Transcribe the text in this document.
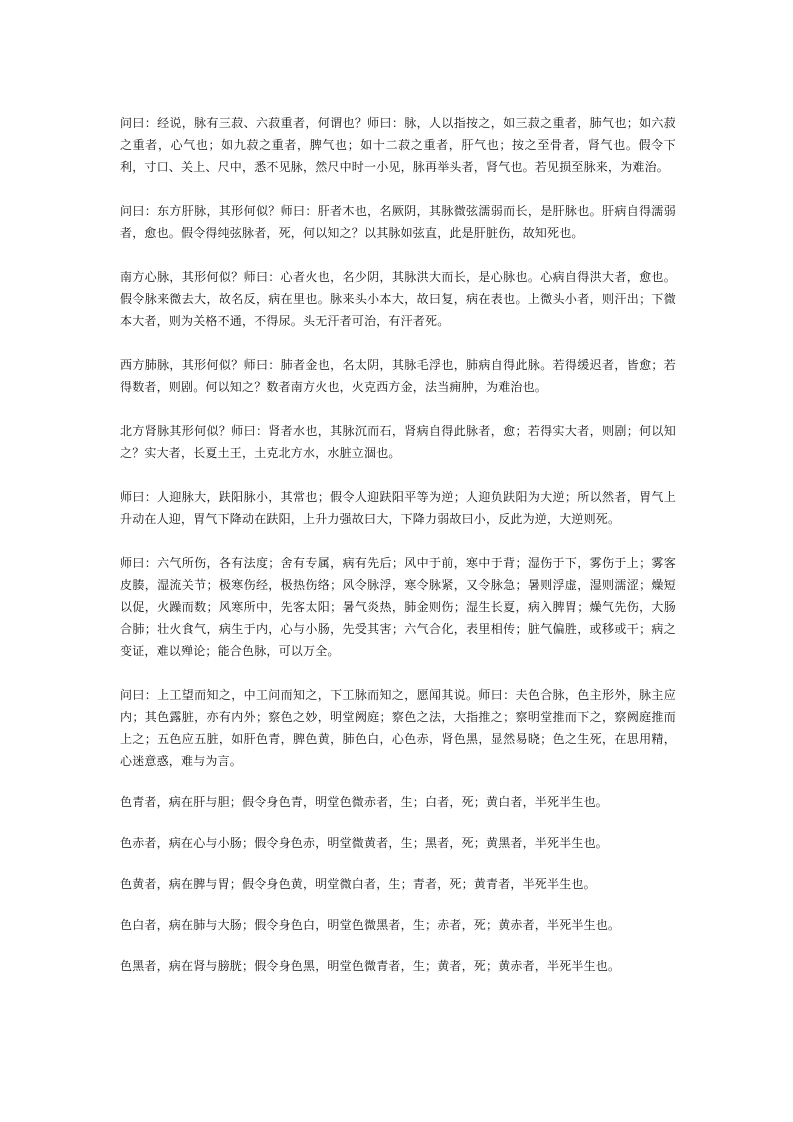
问曰：经说，脉有三菽、六菽重者，何谓也？师曰：脉，人以指按之，如三菽之重者，肺气也；如六菽之重者，心气也；如九菽之重者，脾气也；如十二菽之重者，肝气也；按之至骨者，肾气也。假令下利，寸口、关上、尺中，悉不见脉，然尺中时一小见，脉再举头者，肾气也。若见损至脉来，为难治。

问曰：东方肝脉，其形何似？师曰：肝者木也，名厥阴，其脉微弦濡弱而长，是肝脉也。肝病自得濡弱者，愈也。假令得纯弦脉者，死，何以知之？以其脉如弦直，此是肝脏伤，故知死也。

南方心脉，其形何似？师曰：心者火也，名少阴，其脉洪大而长，是心脉也。心病自得洪大者，愈也。假令脉来微去大，故名反，病在里也。脉来头小本大，故曰复，病在表也。上微头小者，则汗出；下微本大者，则为关格不通，不得尿。头无汗者可治，有汗者死。

西方肺脉，其形何似？师曰：肺者金也，名太阴，其脉毛浮也，肺病自得此脉。若得缓迟者，皆愈；若得数者，则剧。何以知之？数者南方火也，火克西方金，法当痈肿，为难治也。

北方肾脉其形何似？师曰：肾者水也，其脉沉而石，肾病自得此脉者，愈；若得实大者，则剧；何以知之？实大者，长夏土王，土克北方水，水脏立涸也。

师曰：人迎脉大，趺阳脉小，其常也；假令人迎趺阳平等为逆；人迎负趺阳为大逆；所以然者，胃气上升动在人迎，胃气下降动在趺阳，上升力强故曰大，下降力弱故曰小，反此为逆，大逆则死。

师曰：六气所伤，各有法度；舍有专属，病有先后；风中于前，寒中于背；湿伤于下，雾伤于上；雾客皮腠，湿流关节；极寒伤经，极热伤络；风令脉浮，寒令脉紧，又令脉急；暑则浮虚，湿则濡涩；燥短以促，火躁而数；风寒所中，先客太阳；暑气炎热，肺金则伤；湿生长夏，病入脾胃；燥气先伤，大肠合肺；壮火食气，病生于内，心与小肠，先受其害；六气合化，表里相传；脏气偏胜，或移或干；病之变证，难以殚论；能合色脉，可以万全。

问曰：上工望而知之，中工问而知之，下工脉而知之，愿闻其说。师曰：夫色合脉，色主形外，脉主应内；其色露脏，亦有内外；察色之妙，明堂阙庭；察色之法，大指推之；察明堂推而下之，察阙庭推而上之；五色应五脏，如肝色青，脾色黄，肺色白，心色赤，肾色黑，显然易晓；色之生死，在思用精，心迷意惑，难与为言。

色青者，病在肝与胆；假令身色青，明堂色微赤者，生；白者，死；黄白者，半死半生也。

色赤者，病在心与小肠；假令身色赤，明堂微黄者，生；黑者，死；黄黑者，半死半生也。

色黄者，病在脾与胃；假令身色黄，明堂微白者，生；青者，死；黄青者，半死半生也。

色白者，病在肺与大肠；假令身色白，明堂色微黑者，生；赤者，死；黄赤者，半死半生也。

色黑者，病在肾与膀胱；假令身色黑，明堂色微青者，生；黄者，死；黄赤者，半死半生也。
